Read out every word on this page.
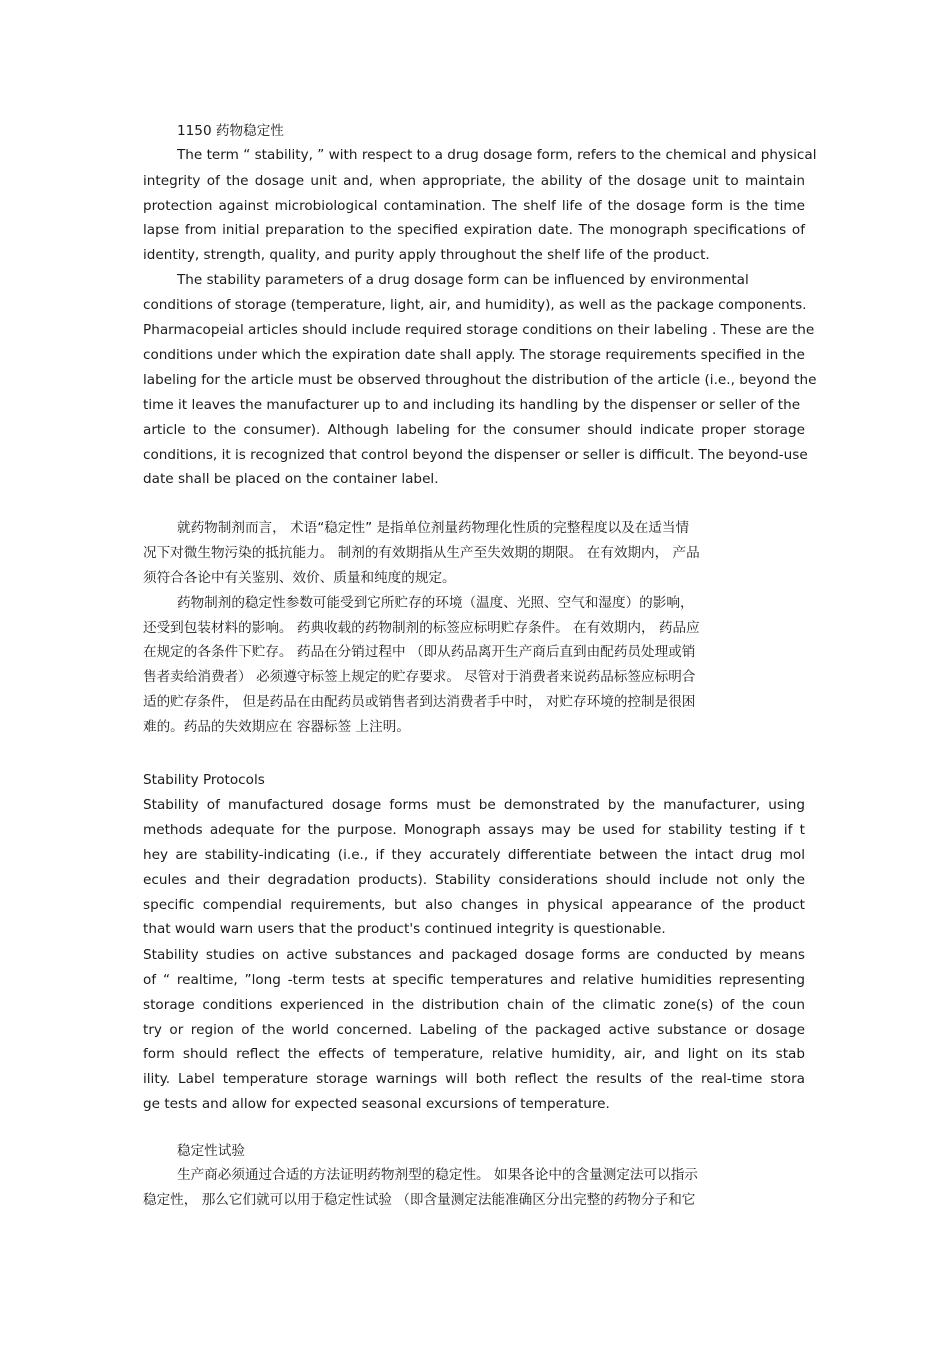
1150 药物稳定性
The term “ stability, ” with respect to a drug dosage form, refers to the chemical and physical
integrity of the dosage unit and, when appropriate, the ability of the dosage unit to maintain
protection against microbiological contamination. The shelf life of the dosage form is the time
lapse from initial preparation to the specified expiration date. The monograph specifications of
identity, strength, quality, and purity apply throughout the shelf life of the product.
The stability parameters of a drug dosage form can be influenced by environmental
conditions of storage (temperature, light, air, and humidity), as well as the package components.
Pharmacopeial articles should include required storage conditions on their labeling . These are the
conditions under which the expiration date shall apply. The storage requirements specified in the
labeling for the article must be observed throughout the distribution of the article (i.e., beyond the
time it leaves the manufacturer up to and including its handling by the dispenser or seller of the
article to the consumer). Although labeling for the consumer should indicate proper storage
conditions, it is recognized that control beyond the dispenser or seller is difficult. The beyond-use
date shall be placed on the container label.
就药物制剂而言， 术语“稳定性” 是指单位剂量药物理化性质的完整程度以及在适当情
况下对微生物污染的抵抗能力。 制剂的有效期指从生产至失效期的期限。 在有效期内， 产品
须符合各论中有关鉴别、效价、质量和纯度的规定。
药物制剂的稳定性参数可能受到它所贮存的环境（温度、光照、空气和湿度）的影响，
还受到包装材料的影响。 药典收载的药物制剂的标签应标明贮存条件。 在有效期内， 药品应
在规定的各条件下贮存。 药品在分销过程中 （即从药品离开生产商后直到由配药员处理或销
售者卖给消费者） 必须遵守标签上规定的贮存要求。 尽管对于消费者来说药品标签应标明合
适的贮存条件， 但是药品在由配药员或销售者到达消费者手中时， 对贮存环境的控制是很困
难的。药品的失效期应在 容器标签 上注明。
Stability Protocols
Stability of manufactured dosage forms must be demonstrated by the manufacturer, using
methods adequate for the purpose. Monograph assays may be used for stability testing if t
hey are stability-indicating (i.e., if they accurately differentiate between the intact drug mol
ecules and their degradation products). Stability considerations should include not only the
specific compendial requirements, but also changes in physical appearance of the product
that would warn users that the product's continued integrity is questionable.
Stability studies on active substances and packaged dosage forms are conducted by means
of “ realtime, ”long -term tests at specific temperatures and relative humidities representing
storage conditions experienced in the distribution chain of the climatic zone(s) of the coun
try or region of the world concerned. Labeling of the packaged active substance or dosage
form should reflect the effects of temperature, relative humidity, air, and light on its stab
ility. Label temperature storage warnings will both reflect the results of the real-time stora
ge tests and allow for expected seasonal excursions of temperature.
稳定性试验
生产商必须通过合适的方法证明药物剂型的稳定性。 如果各论中的含量测定法可以指示
稳定性， 那么它们就可以用于稳定性试验 （即含量测定法能准确区分出完整的药物分子和它
